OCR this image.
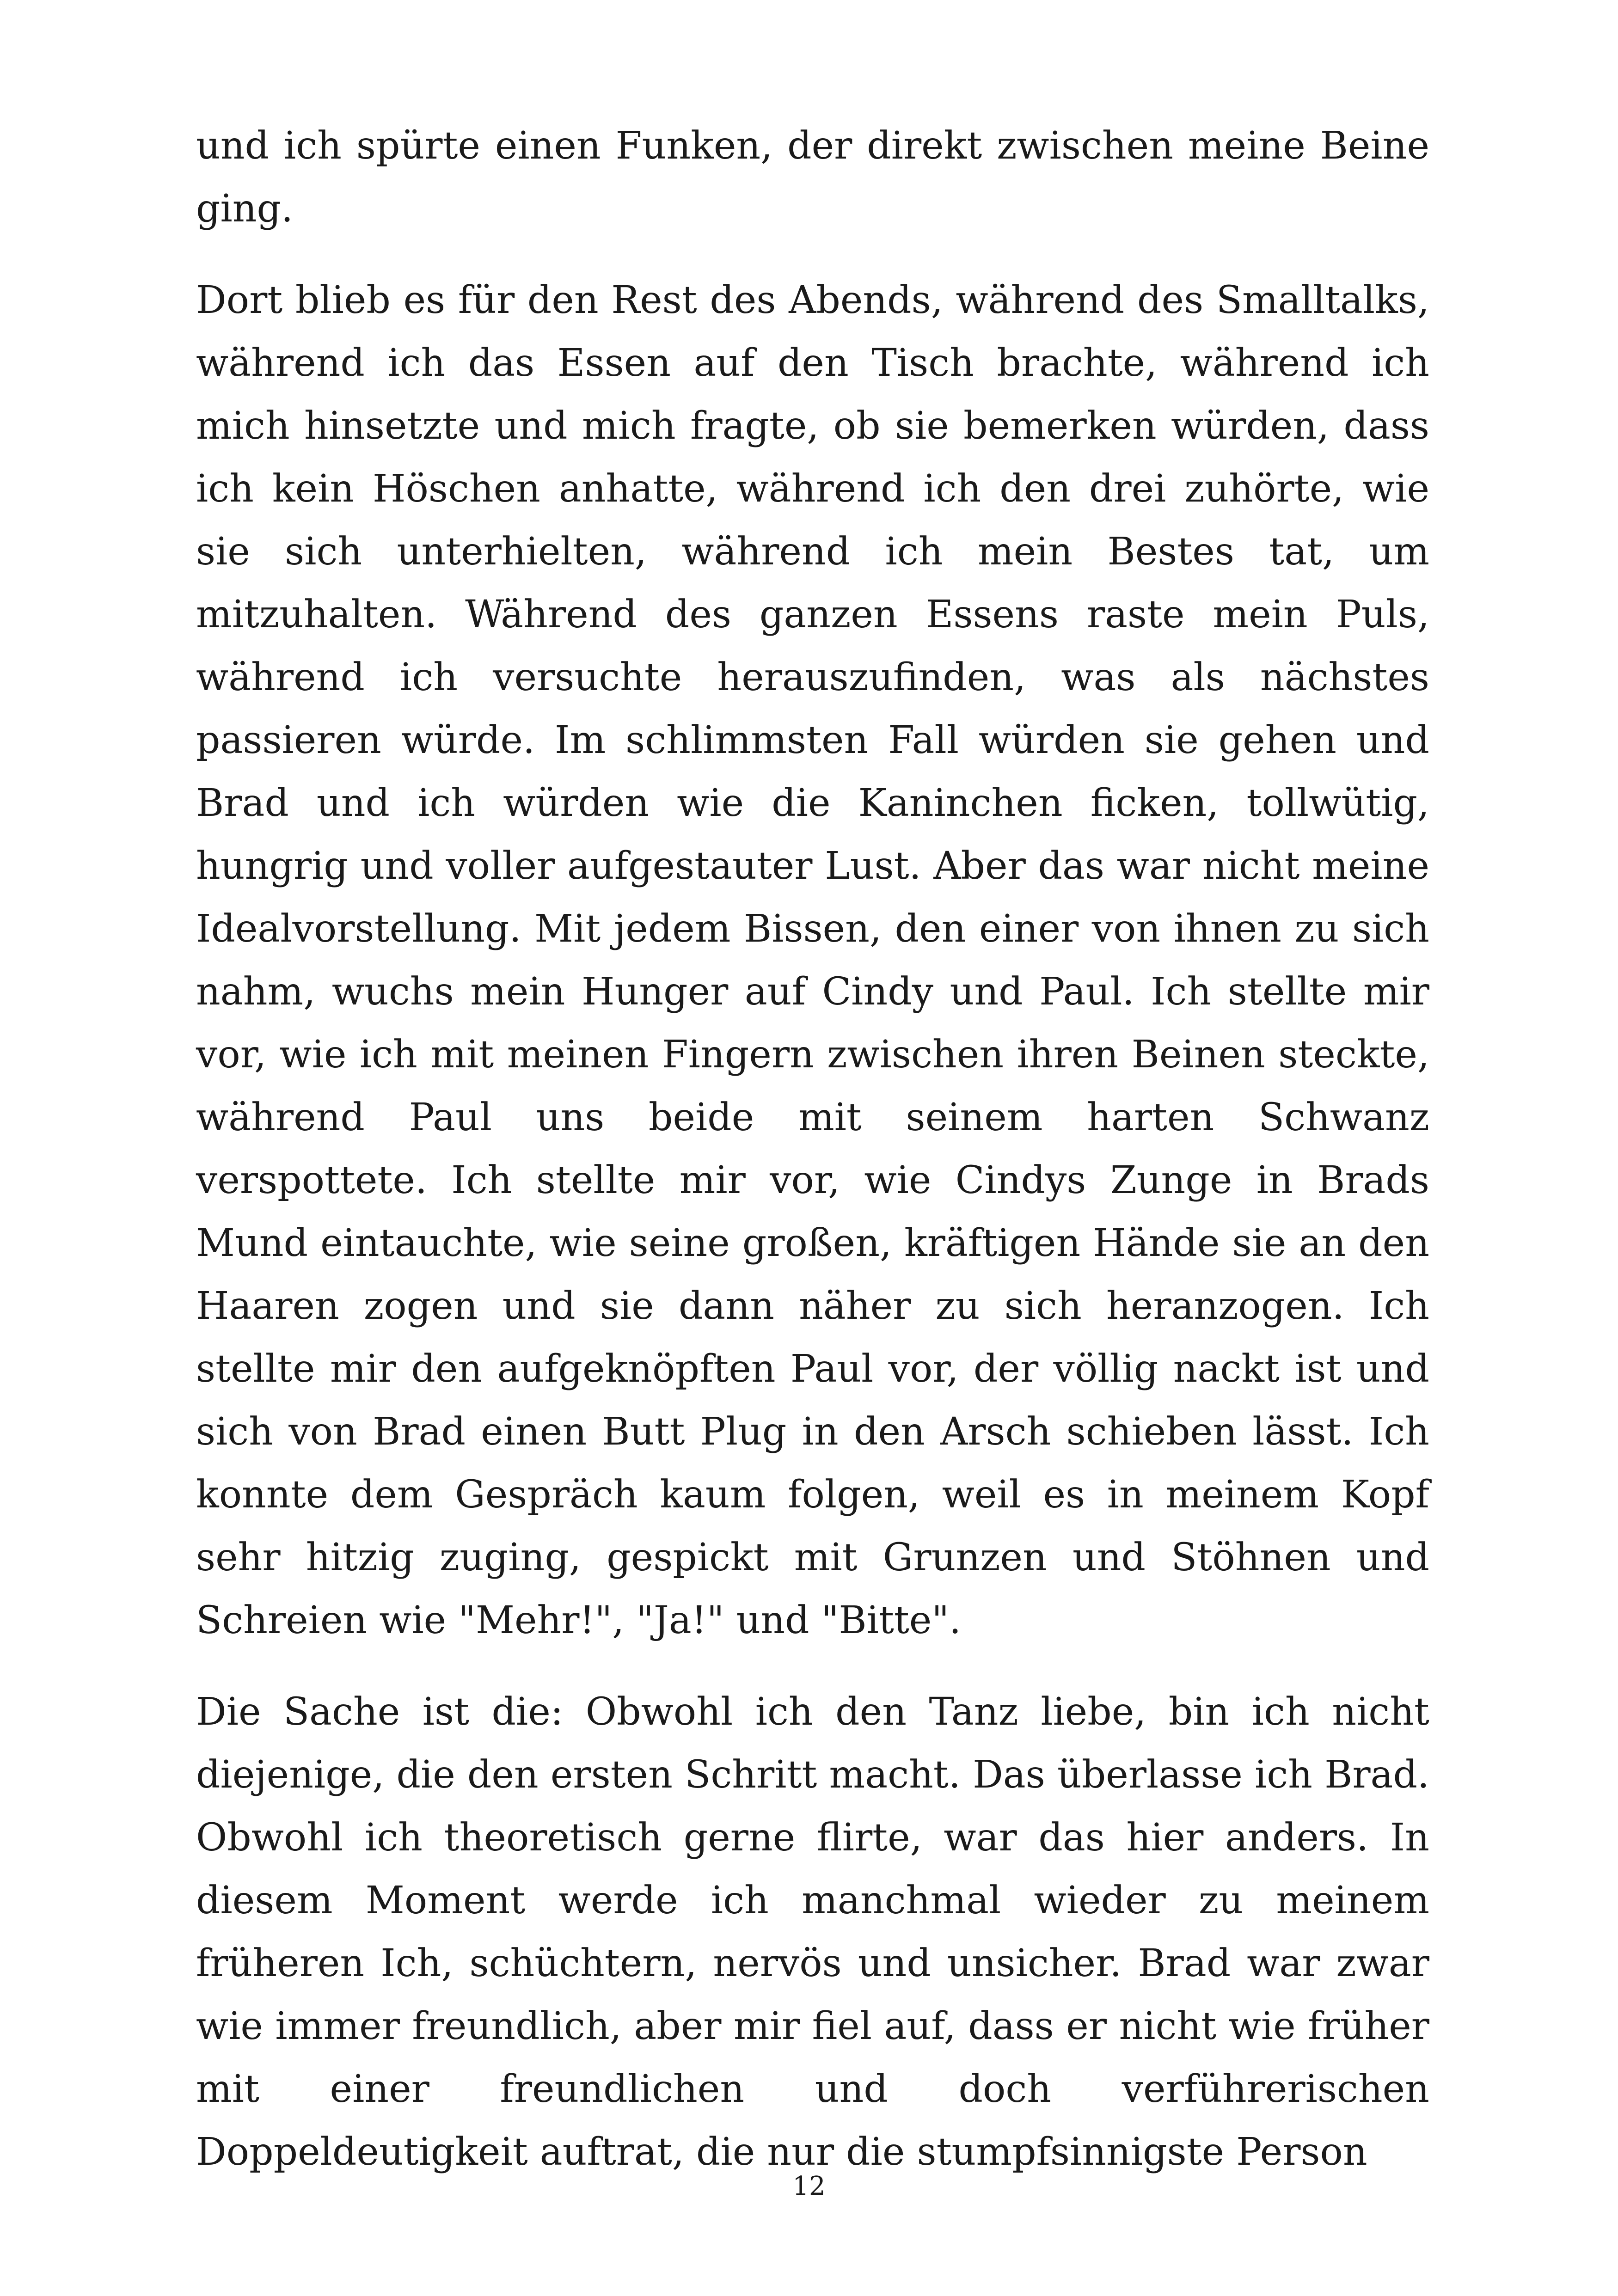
und ich spürte einen Funken, der direkt zwischen meine Beine ging.

Dort blieb es für den Rest des Abends, während des Smalltalks, während ich das Essen auf den Tisch brachte, während ich mich hinsetzte und mich fragte, ob sie bemerken würden, dass ich kein Höschen anhatte, während ich den drei zuhörte, wie sie sich unterhielten, während ich mein Bestes tat, um mitzuhalten. Während des ganzen Essens raste mein Puls, während ich versuchte herauszufinden, was als nächstes passieren würde. Im schlimmsten Fall würden sie gehen und Brad und ich würden wie die Kaninchen ficken, tollwütig, hungrig und voller aufgestauter Lust. Aber das war nicht meine Idealvorstellung. Mit jedem Bissen, den einer von ihnen zu sich nahm, wuchs mein Hunger auf Cindy und Paul. Ich stellte mir vor, wie ich mit meinen Fingern zwischen ihren Beinen steckte, während Paul uns beide mit seinem harten Schwanz verspottete. Ich stellte mir vor, wie Cindys Zunge in Brads Mund eintauchte, wie seine großen, kräftigen Hände sie an den Haaren zogen und sie dann näher zu sich heranzogen. Ich stellte mir den aufgeknöpften Paul vor, der völlig nackt ist und sich von Brad einen Butt Plug in den Arsch schieben lässt. Ich konnte dem Gespräch kaum folgen, weil es in meinem Kopf sehr hitzig zuging, gespickt mit Grunzen und Stöhnen und Schreien wie "Mehr!", "Ja!" und "Bitte".

Die Sache ist die: Obwohl ich den Tanz liebe, bin ich nicht diejenige, die den ersten Schritt macht. Das überlasse ich Brad. Obwohl ich theoretisch gerne flirte, war das hier anders. In diesem Moment werde ich manchmal wieder zu meinem früheren Ich, schüchtern, nervös und unsicher. Brad war zwar wie immer freundlich, aber mir fiel auf, dass er nicht wie früher mit einer freundlichen und doch verführerischen Doppeldeutigkeit auftrat, die nur die stumpfsinnigste Person

12
